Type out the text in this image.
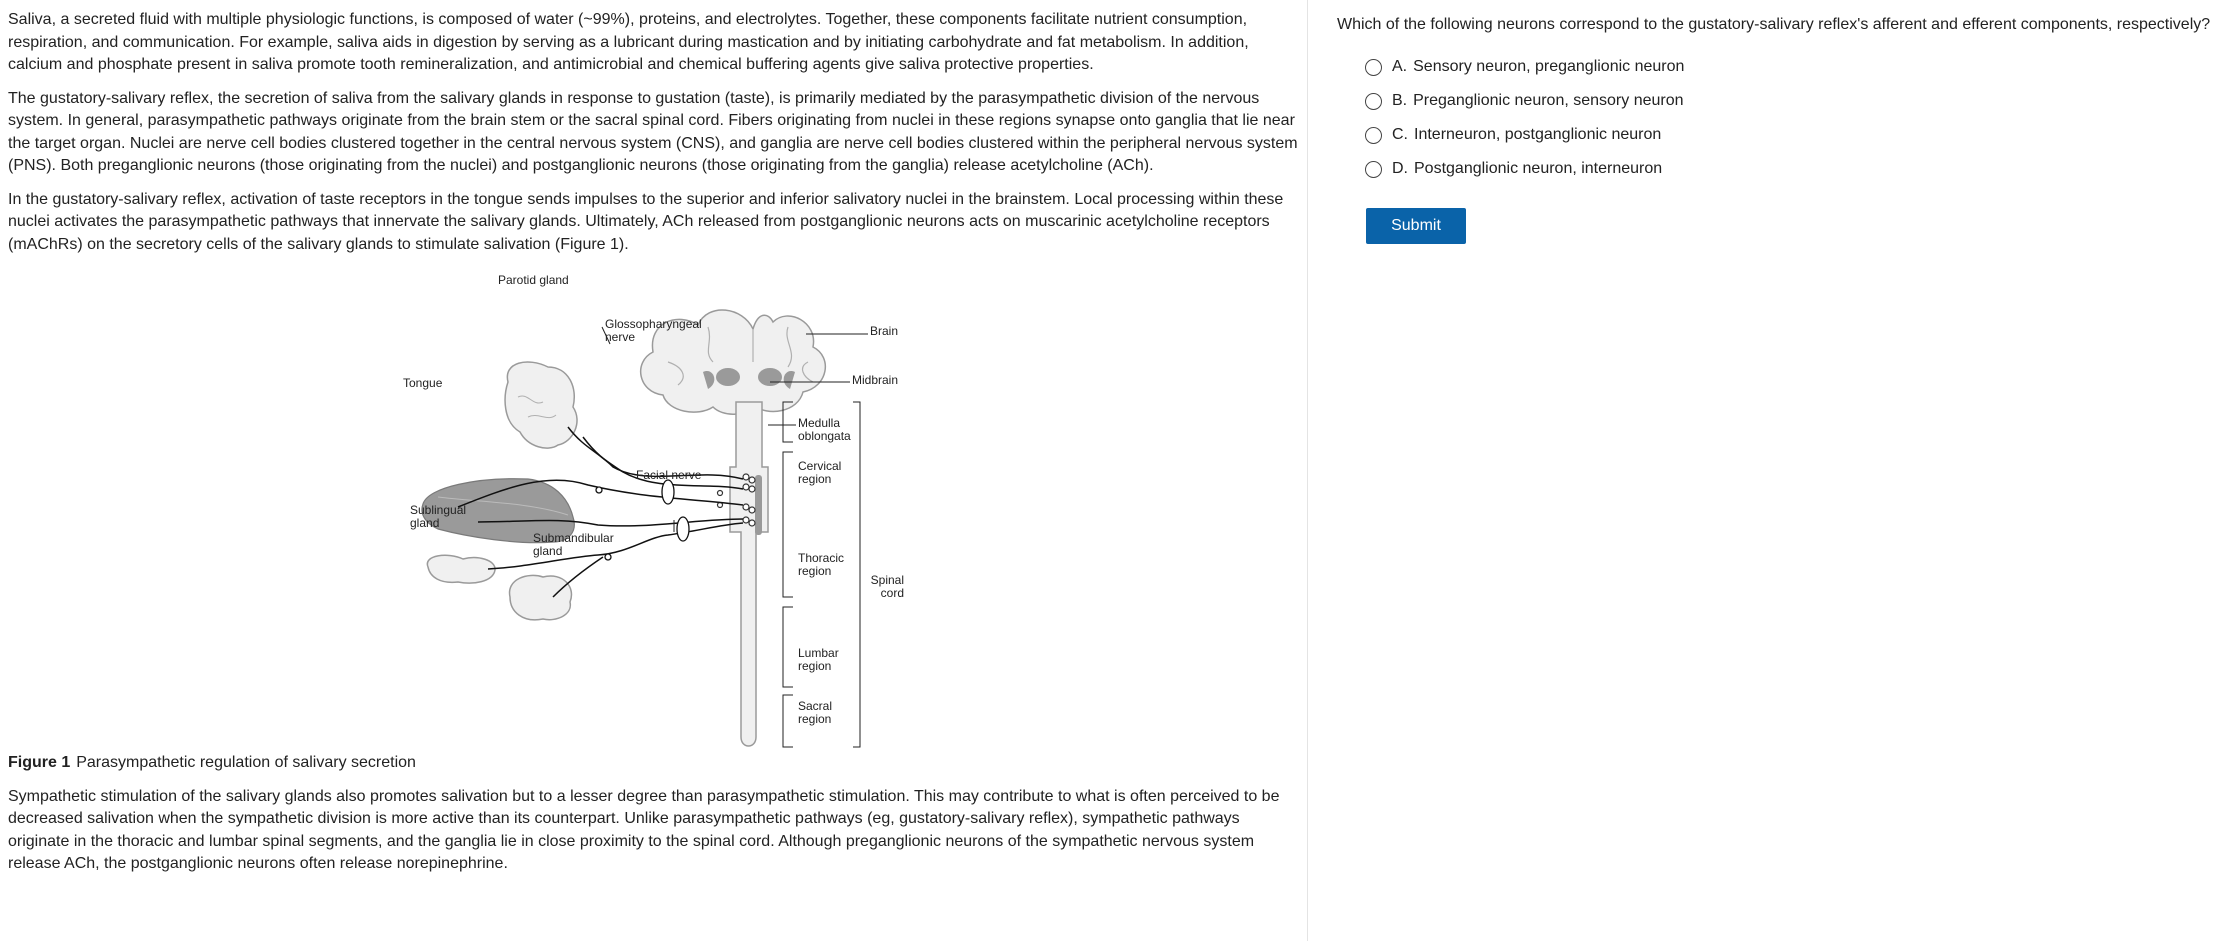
Saliva, a secreted fluid with multiple physiologic functions, is composed of water (~99%), proteins, and electrolytes. Together, these components facilitate nutrient consumption, respiration, and communication. For example, saliva aids in digestion by serving as a lubricant during mastication and by initiating carbohydrate and fat metabolism. In addition, calcium and phosphate present in saliva promote tooth remineralization, and antimicrobial and chemical buffering agents give saliva protective properties.

The gustatory-salivary reflex, the secretion of saliva from the salivary glands in response to gustation (taste), is primarily mediated by the parasympathetic division of the nervous system. In general, parasympathetic pathways originate from the brain stem or the sacral spinal cord. Fibers originating from nuclei in these regions synapse onto ganglia that lie near the target organ. Nuclei are nerve cell bodies clustered together in the central nervous system (CNS), and ganglia are nerve cell bodies clustered within the peripheral nervous system (PNS). Both preganglionic neurons (those originating from the nuclei) and postganglionic neurons (those originating from the ganglia) release acetylcholine (ACh).

In the gustatory-salivary reflex, activation of taste receptors in the tongue sends impulses to the superior and inferior salivatory nuclei in the brainstem. Local processing within these nuclei activates the parasympathetic pathways that innervate the salivary glands. Ultimately, ACh released from postganglionic neurons acts on muscarinic acetylcholine receptors (mAChRs) on the secretory cells of the salivary glands to stimulate salivation (Figure 1).

Parotid gland
Glossopharyngeal nerve
Tongue
Facial nerve
Sublingual gland
Submandibular gland
Brain
Midbrain
Medulla oblongata
Cervical region
Thoracic region
Spinal cord
Lumbar region
Sacral region

Figure 1 Parasympathetic regulation of salivary secretion

Sympathetic stimulation of the salivary glands also promotes salivation but to a lesser degree than parasympathetic stimulation. This may contribute to what is often perceived to be decreased salivation when the sympathetic division is more active than its counterpart. Unlike parasympathetic pathways (eg, gustatory-salivary reflex), sympathetic pathways originate in the thoracic and lumbar spinal segments, and the ganglia lie in close proximity to the spinal cord. Although preganglionic neurons of the sympathetic nervous system release ACh, the postganglionic neurons often release norepinephrine.

Which of the following neurons correspond to the gustatory-salivary reflex's afferent and efferent components, respectively?
A. Sensory neuron, preganglionic neuron
B. Preganglionic neuron, sensory neuron
C. Interneuron, postganglionic neuron
D. Postganglionic neuron, interneuron
Submit
